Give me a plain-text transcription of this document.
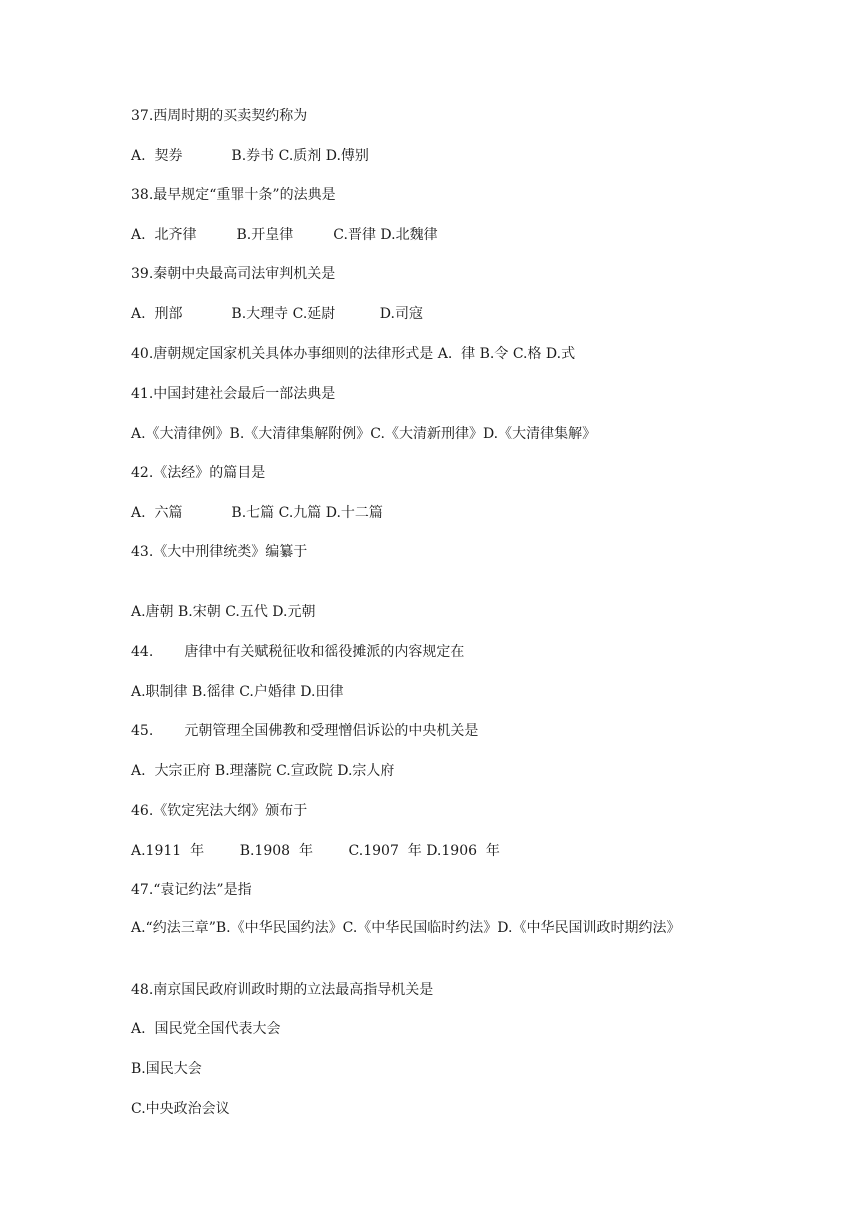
37.西周时期的买卖契约称为

A.  契券           B.券书 C.质剂 D.傅别

38.最早规定“重罪十条”的法典是

A.  北齐律         B.开皇律         C.晋律 D.北魏律

39.秦朝中央最高司法审判机关是

A.  刑部           B.大理寺 C.延尉          D.司寇

40.唐朝规定国家机关具体办事细则的法律形式是 A.  律 B.令 C.格 D.式

41.中国封建社会最后一部法典是

A.《大清律例》B.《大清律集解附例》C.《大清新刑律》D.《大清律集解》

42.《法经》的篇目是

A.  六篇           B.七篇 C.九篇 D.十二篇

43.《大中刑律统类》编纂于

A.唐朝 B.宋朝 C.五代 D.元朝

44.       唐律中有关赋税征收和徭役摊派的内容规定在

A.职制律 B.徭律 C.户婚律 D.田律

45.       元朝管理全国佛教和受理憎侣诉讼的中央机关是

A.  大宗正府 B.理藩院 C.宣政院 D.宗人府

46.《钦定宪法大纲》颁布于

A.1911  年        B.1908  年        C.1907  年 D.1906  年

47.“袁记约法”是指

A.“约法三章”B.《中华民国约法》C.《中华民国临时约法》D.《中华民国训政时期约法》

48.南京国民政府训政时期的立法最高指导机关是

A.  国民党全国代表大会

B.国民大会

C.中央政治会议
